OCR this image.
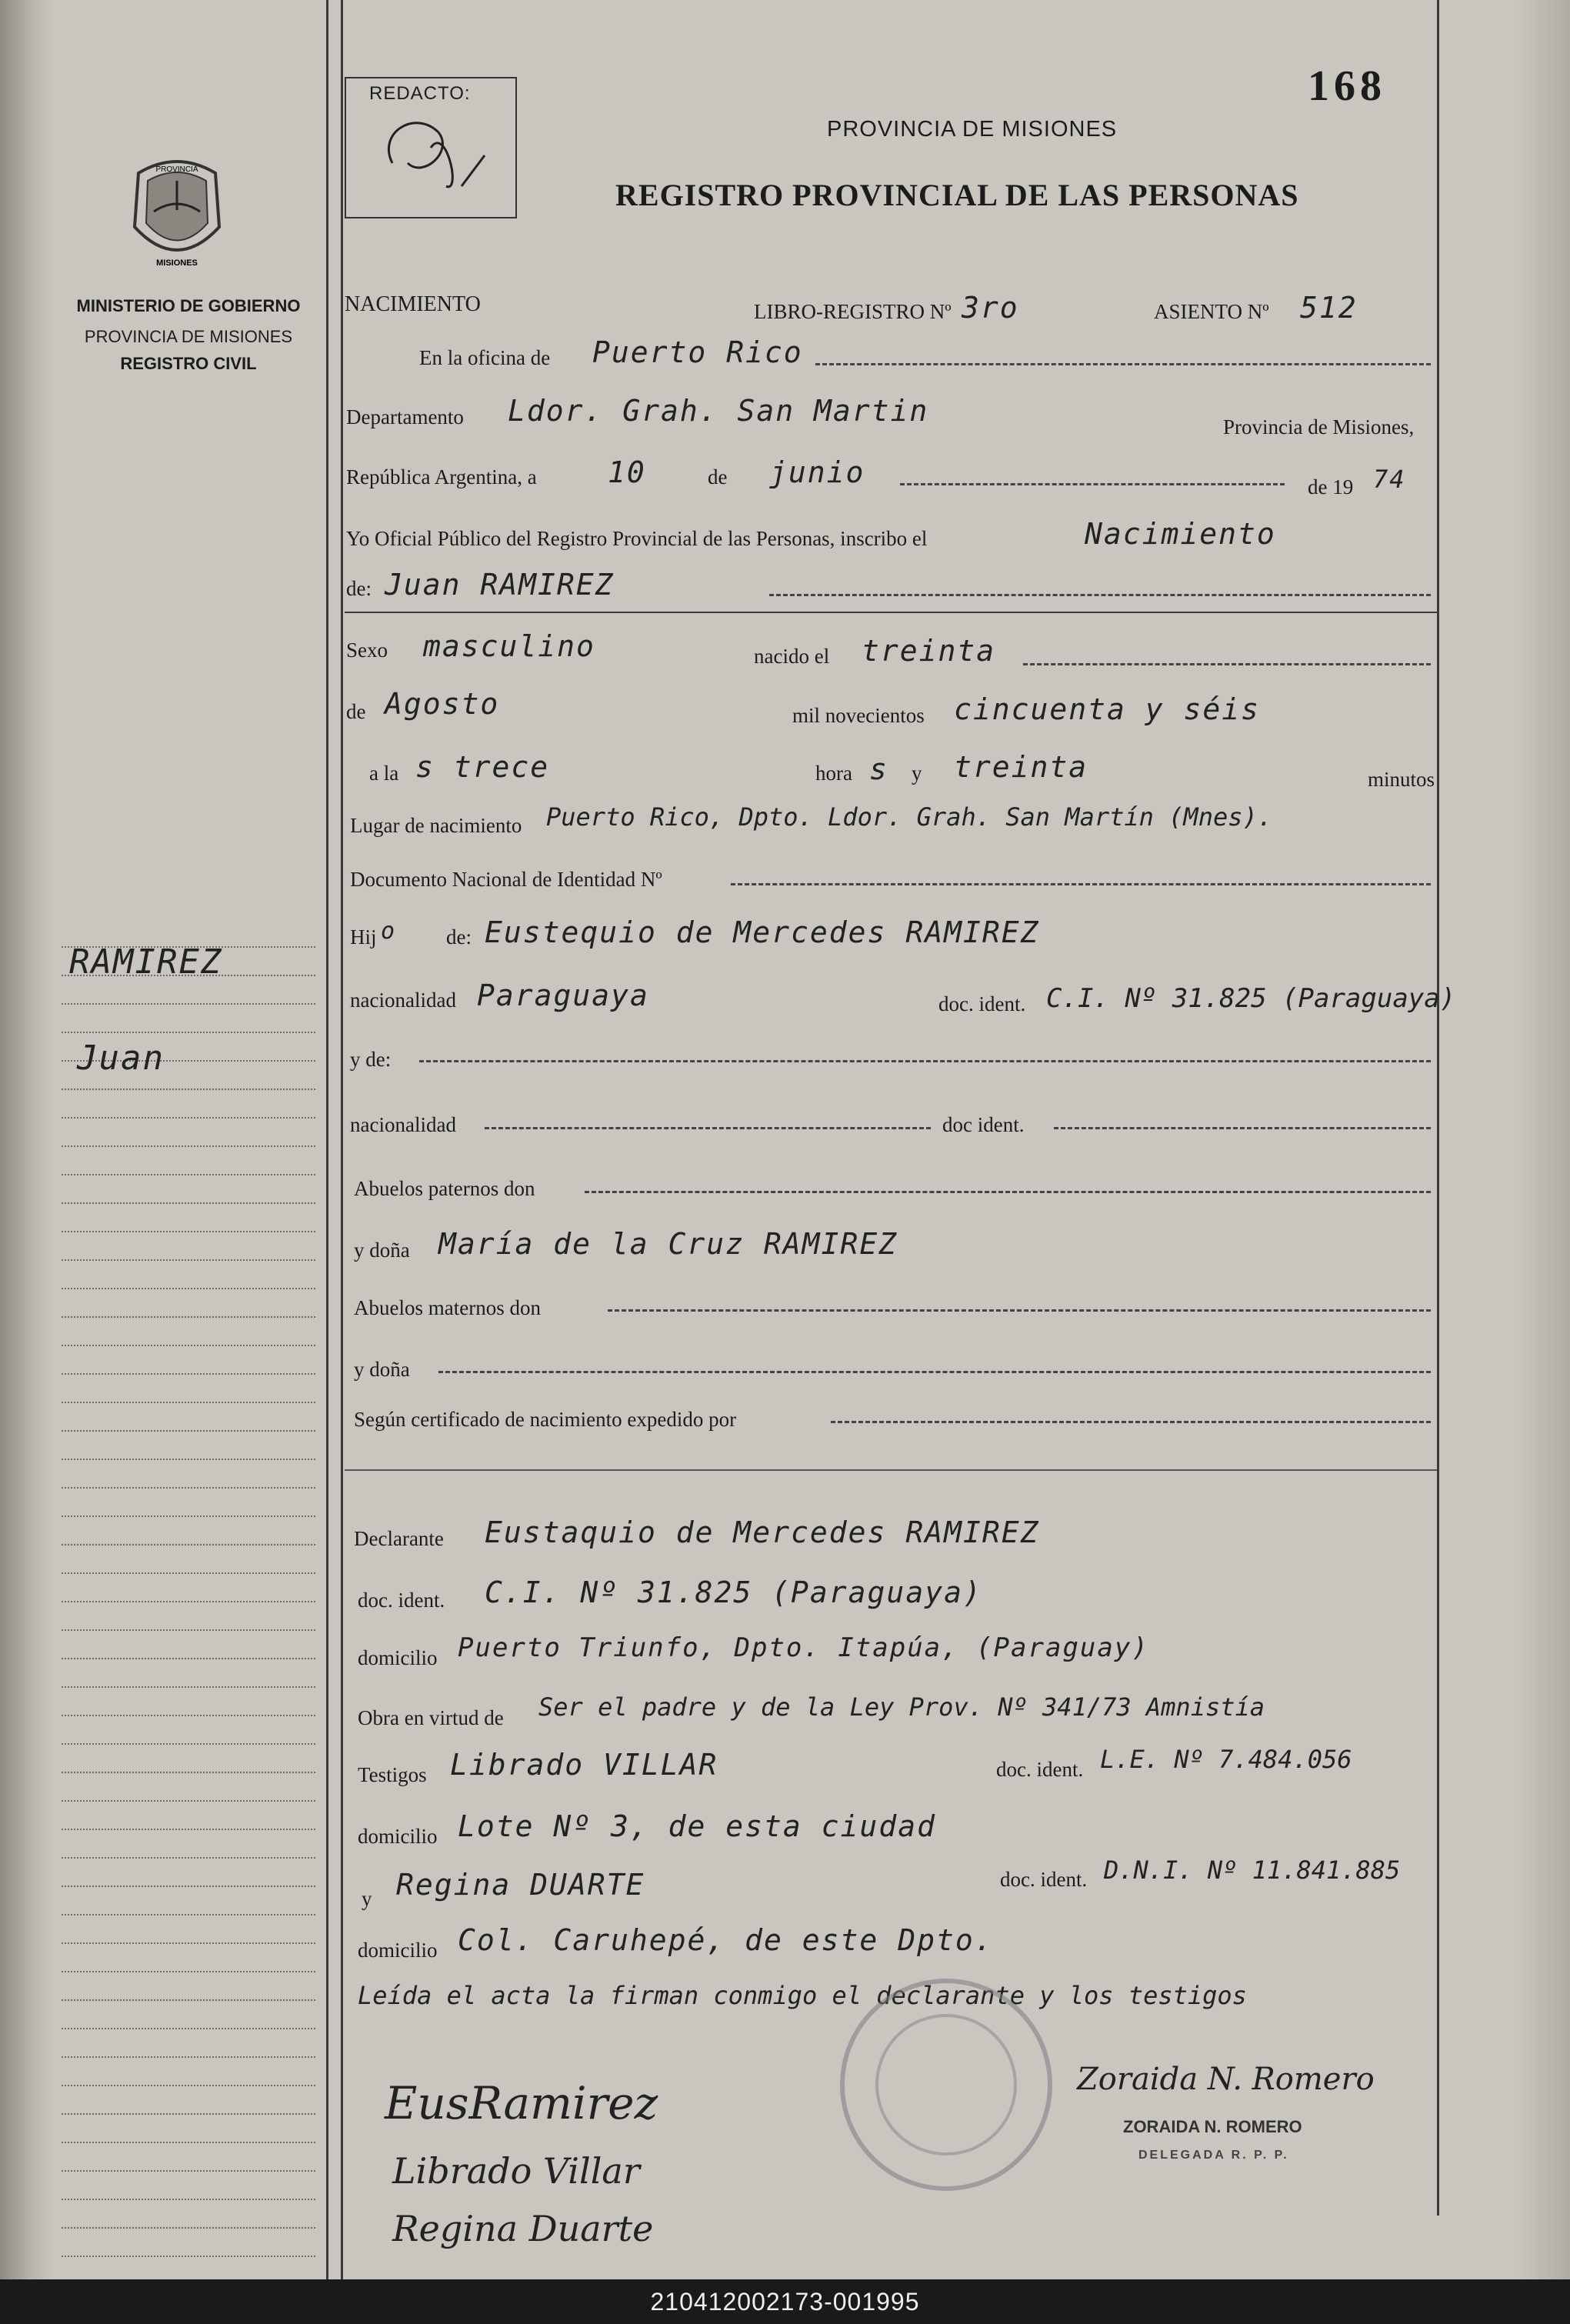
168
REDACTO:
PROVINCIA DE MISIONES
REGISTRO PROVINCIAL DE LAS PERSONAS
PROVINCIA
MISIONES
MINISTERIO DE GOBIERNO
PROVINCIA DE MISIONES
REGISTRO CIVIL
RAMIREZ
Juan
NACIMIENTO	LIBRO-REGISTRO Nº 3ro	ASIENTO Nº 512
En la oficina de Puerto Rico
Departamento Ldor. Grah. San Martin	Provincia de Misiones,
República Argentina, a 10	de junio	de 19 74
Yo Oficial Público del Registro Provincial de las Personas, inscribo el	Nacimiento
de: Juan RAMIREZ
Sexo masculino	nacido el treinta
de Agosto	mil novecientos cincuenta y séis
a la s trece	hora s y treinta	minutos
Lugar de nacimiento Puerto Rico, Dpto. Ldor. Grah. San Martín (Mnes).
Documento Nacional de Identidad Nº
Hij o de: Eustequio de Mercedes RAMIREZ
nacionalidad Paraguaya	doc. ident. C.I. Nº 31.825 (Paraguaya)
y de:
nacionalidad	doc ident.
Abuelos paternos don
y doña María de la Cruz RAMIREZ
Abuelos maternos don
y doña
Según certificado de nacimiento expedido por
Declarante Eustaquio de Mercedes RAMIREZ
doc. ident. C.I. Nº 31.825 (Paraguaya)
domicilio Puerto Triunfo, Dpto. Itapúa, (Paraguay)
Obra en virtud de Ser el padre y de la Ley Prov. Nº 341/73 Amnistía
Testigos Librado VILLAR	doc. ident. L.E. Nº 7.484.056
domicilio Lote Nº 3, de esta ciudad
y Regina DUARTE	doc. ident. D.N.I. Nº 11.841.885
domicilio Col. Caruhepé, de este Dpto.
Leída el acta la firman conmigo el declarante y los testigos
EusRamirez
Librado Villar
Regina Duarte
Zoraida N. Romero
ZORAIDA N. ROMERO
DELEGADA R. P. P.
210412002173-001995
